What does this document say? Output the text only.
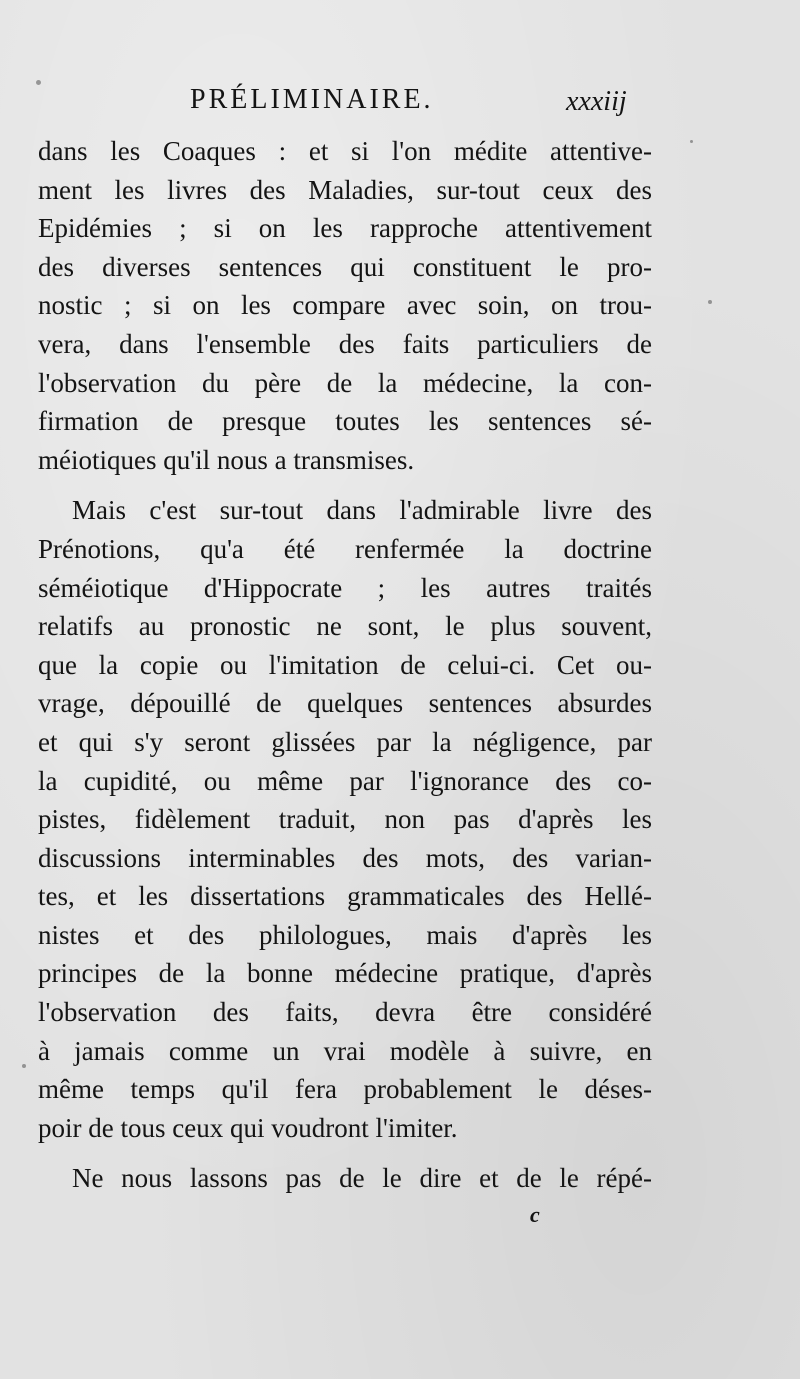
PRÉLIMINAIRE.	xxxiij

dans les Coaques : et si l'on médite attentive-
ment les livres des Maladies, sur-tout ceux des
Epidémies ; si on les rapproche attentivement
des diverses sentences qui constituent le pro-
nostic ; si on les compare avec soin, on trou-
vera, dans l'ensemble des faits particuliers de
l'observation du père de la médecine, la con-
firmation de presque toutes les sentences sé-
méiotiques qu'il nous a transmises.

Mais c'est sur-tout dans l'admirable livre des
Prénotions, qu'a été renfermée la doctrine
séméiotique d'Hippocrate ; les autres traités
relatifs au pronostic ne sont, le plus souvent,
que la copie ou l'imitation de celui-ci. Cet ou-
vrage, dépouillé de quelques sentences absurdes
et qui s'y seront glissées par la négligence, par
la cupidité, ou même par l'ignorance des co-
pistes, fidèlement traduit, non pas d'après les
discussions interminables des mots, des varian-
tes, et les dissertations grammaticales des Hellé-
nistes et des philologues, mais d'après les
principes de la bonne médecine pratique, d'après
l'observation des faits, devra être considéré
à jamais comme un vrai modèle à suivre, en
même temps qu'il fera probablement le déses-
poir de tous ceux qui voudront l'imiter.

Ne nous lassons pas de le dire et de le répé-

c
